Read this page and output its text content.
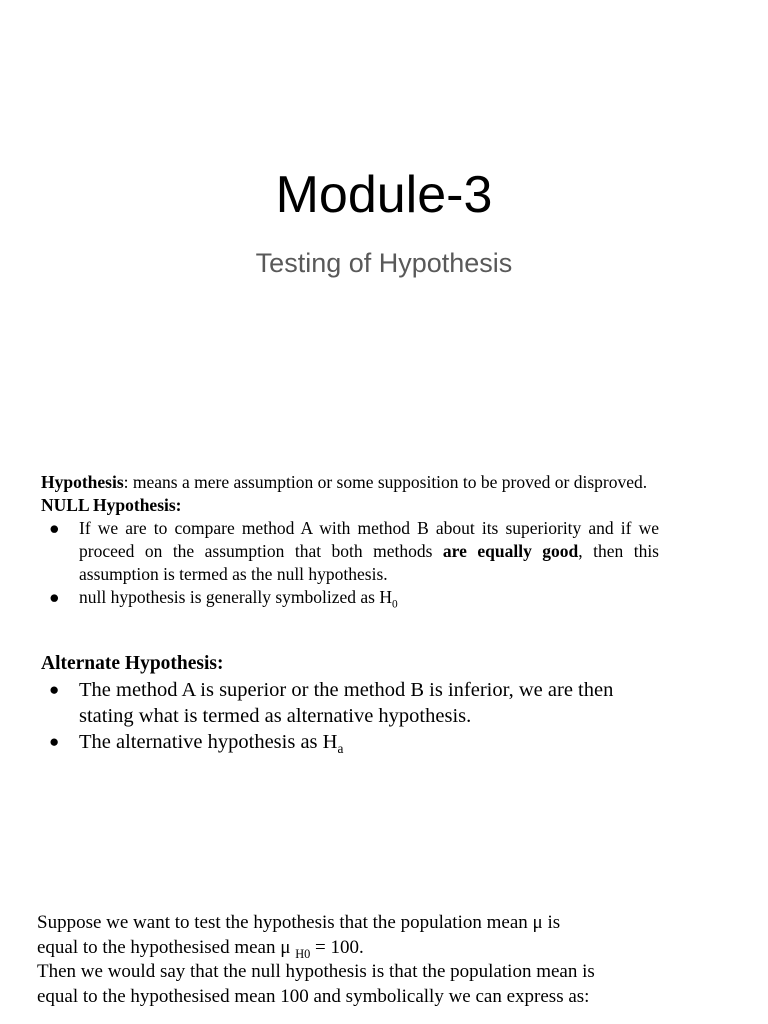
Module-3
Testing of Hypothesis
Hypothesis: means a mere assumption or some supposition to be proved or disproved.
NULL Hypothesis:
● If we are to compare method A with method B about its superiority and if we proceed on the assumption that both methods are equally good, then this assumption is termed as the null hypothesis.
● null hypothesis is generally symbolized as $H_0$
Alternate Hypothesis:
● The method A is superior or the method B is inferior, we are then stating what is termed as alternative hypothesis.
● The alternative hypothesis as $H_a$
Suppose we want to test the hypothesis that the population mean μ is
equal to the hypothesised mean μ $_{H0}$ = 100.
Then we would say that the null hypothesis is that the population mean is
equal to the hypothesised mean 100 and symbolically we can express as:
